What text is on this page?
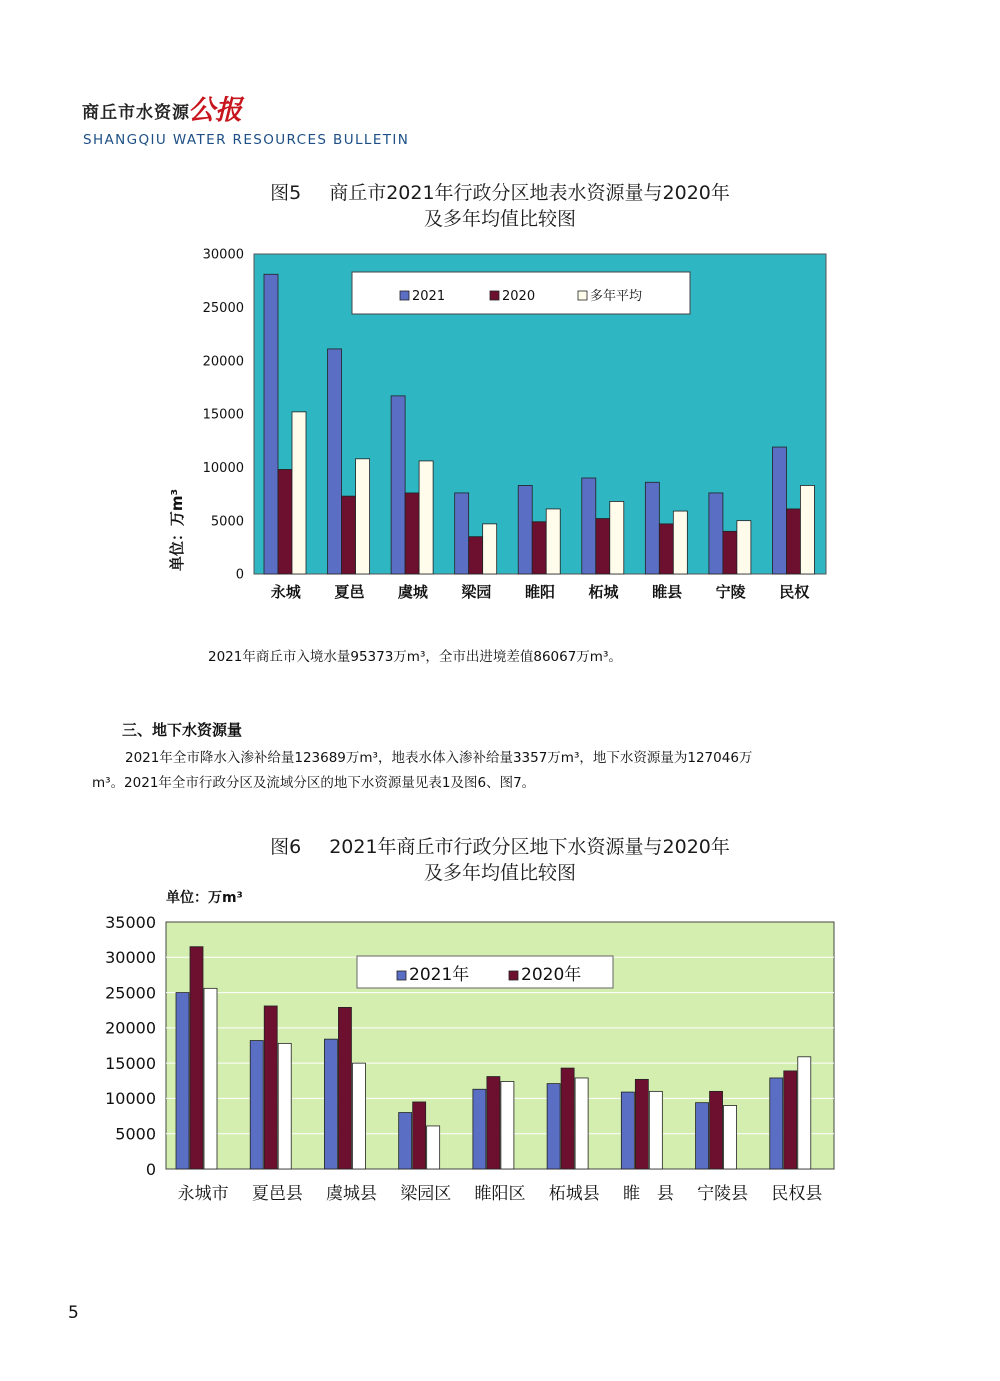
商丘市水资源
公报
SHANGQIU WATER RESOURCES BULLETIN
图5 商丘市2021年行政分区地表水资源量与2020年
及多年均值比较图
0
5000
10000
15000
20000
25000
30000
永城 夏邑 虞城 梁园 睢阳 柘城 睢县 宁陵 民权
单位：万m³
2021	2020	多年平均
2021年商丘市入境水量95373万m³，全市出进境差值86067万m³。
三、地下水资源量
2021年全市降水入渗补给量123689万m³，地表水体入渗补给量3357万m³，地下水资源量为127046万
m³。2021年全市行政分区及流域分区的地下水资源量见表1及图6、图7。
图6 2021年商丘市行政分区地下水资源量与2020年
及多年均值比较图
单位：万m³
0
5000
10000
15000
20000
25000
30000
35000
永城市 夏邑县 虞城县 梁园区 睢阳区 柘城县 睢　县 宁陵县 民权县
2021年	2020年
5
